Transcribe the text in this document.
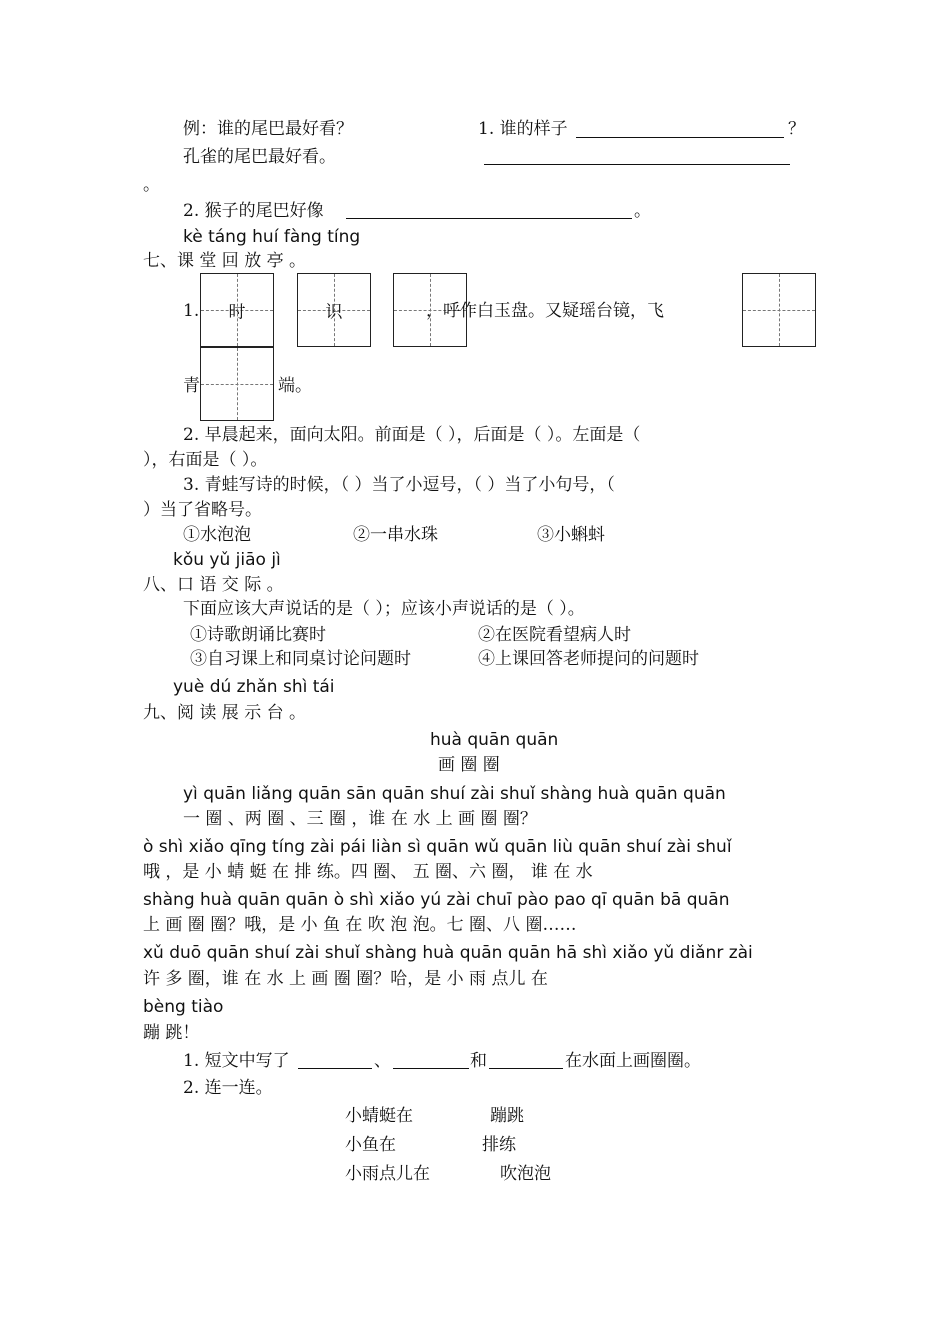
例：谁的尾巴最好看？	1. 谁的样子	？
孔雀的尾巴最好看。
。
2. 猴子的尾巴好像	。
kè táng huí fàng tíng
七、课 堂 回 放 亭 。
1.	时	识	，呼作白玉盘。又疑瑶台镜，飞
青	端。
2. 早晨起来，面向太阳。前面是（ ），后面是（ ）。左面是（
），右面是（ ）。
3. 青蛙写诗的时候，（ ）当了小逗号，（ ）当了小句号，（
）当了省略号。
①水泡泡	②一串水珠	③小蝌蚪
kǒu yǔ jiāo jì
八、口 语 交 际 。
下面应该大声说话的是（ ）；应该小声说话的是（ ）。
①诗歌朗诵比赛时	②在医院看望病人时
③自习课上和同桌讨论问题时	④上课回答老师提问的问题时
yuè dú zhǎn shì tái
九、阅 读 展 示 台 。
huà quān quān
画 圈 圈
yì quān liǎng quān sān quān shuí zài shuǐ shàng huà quān quān
一 圈 、两 圈 、三 圈 ，谁 在 水 上 画 圈 圈？
ò shì xiǎo qīng tíng zài pái liàn sì quān wǔ quān liù quān shuí zài shuǐ
哦 ，是 小 蜻 蜓 在 排 练。四 圈、 五 圈、六 圈， 谁 在 水
shàng huà quān quān ò shì xiǎo yú zài chuī pào pao qī quān bā quān
上 画 圈 圈？哦，是 小 鱼 在 吹 泡 泡。七 圈、八 圈……
xǔ duō quān shuí zài shuǐ shàng huà quān quān hā shì xiǎo yǔ diǎnr zài
许 多 圈，谁 在 水 上 画 圈 圈？哈，是 小 雨 点儿 在
bèng tiào
蹦 跳！
1. 短文中写了	、	和	在水面上画圈圈。
2. 连一连。
小蜻蜓在	蹦跳
小鱼在	排练
小雨点儿在	吹泡泡
